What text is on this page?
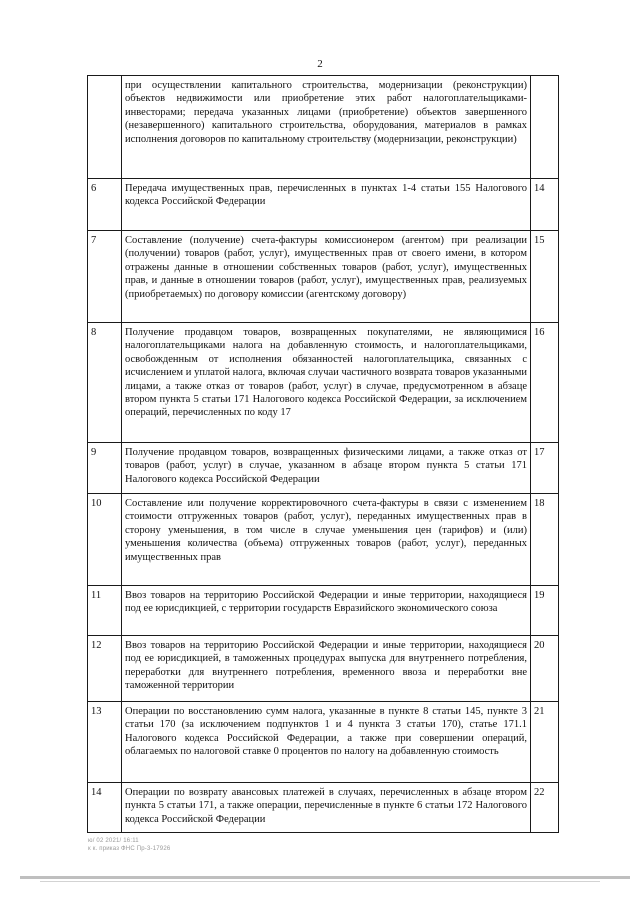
2
	при осуществлении капитального строительства, модернизации (реконструкции) объектов недвижимости или приобретение этих работ налогоплательщиками-инвесторами; передача указанных лицами (приобретение) объектов завершенного (незавершенного) капитального строительства, оборудования, материалов в рамках исполнения договоров по капитальному строительству (модернизации, реконструкции)	
6	Передача имущественных прав, перечисленных в пунктах 1-4 статьи 155 Налогового кодекса Российской Федерации	14
7	Составление (получение) счета-фактуры комиссионером (агентом) при реализации (получении) товаров (работ, услуг), имущественных прав от своего имени, в котором отражены данные в отношении собственных товаров (работ, услуг), имущественных прав, и данные в отношении товаров (работ, услуг), имущественных прав, реализуемых (приобретаемых) по договору комиссии (агентскому договору)	15
8	Получение продавцом товаров, возвращенных покупателями, не являющимися налогоплательщиками налога на добавленную стоимость, и налогоплательщиками, освобожденным от исполнения обязанностей налогоплательщика, связанных с исчислением и уплатой налога, включая случаи частичного возврата товаров указанными лицами, а также отказ от товаров (работ, услуг) в случае, предусмотренном в абзаце втором пункта 5 статьи 171 Налогового кодекса Российской Федерации, за исключением операций, перечисленных по коду 17	16
9	Получение продавцом товаров, возвращенных физическими лицами, а также отказ от товаров (работ, услуг) в случае, указанном в абзаце втором пункта 5 статьи 171 Налогового кодекса Российской Федерации	17
10	Составление или получение корректировочного счета-фактуры в связи с изменением стоимости отгруженных товаров (работ, услуг), переданных имущественных прав в сторону уменьшения, в том числе в случае уменьшения цен (тарифов) и (или) уменьшения количества (объема) отгруженных товаров (работ, услуг), переданных имущественных прав	18
11	Ввоз товаров на территорию Российской Федерации и иные территории, находящиеся под ее юрисдикцией, с территории государств Евразийского экономического союза	19
12	Ввоз товаров на территорию Российской Федерации и иные территории, находящиеся под ее юрисдикцией, в таможенных процедурах выпуска для внутреннего потребления, переработки для внутреннего потребления, временного ввоза и переработки вне таможенной территории	20
13	Операции по восстановлению сумм налога, указанные в пункте 8 статьи 145, пункте 3 статьи 170 (за исключением подпунктов 1 и 4 пункта 3 статьи 170), статье 171.1 Налогового кодекса Российской Федерации, а также при совершении операций, облагаемых по налоговой ставке 0 процентов по налогу на добавленную стоимость	21
14	Операции по возврату авансовых платежей в случаях, перечисленных в абзаце втором пункта 5 статьи 171, а также операции, перечисленные в пункте 6 статьи 172 Налогового кодекса Российской Федерации	22
ю/ 02 2021/ 16:11
к к. приказ ФНС Пр-3-17926
